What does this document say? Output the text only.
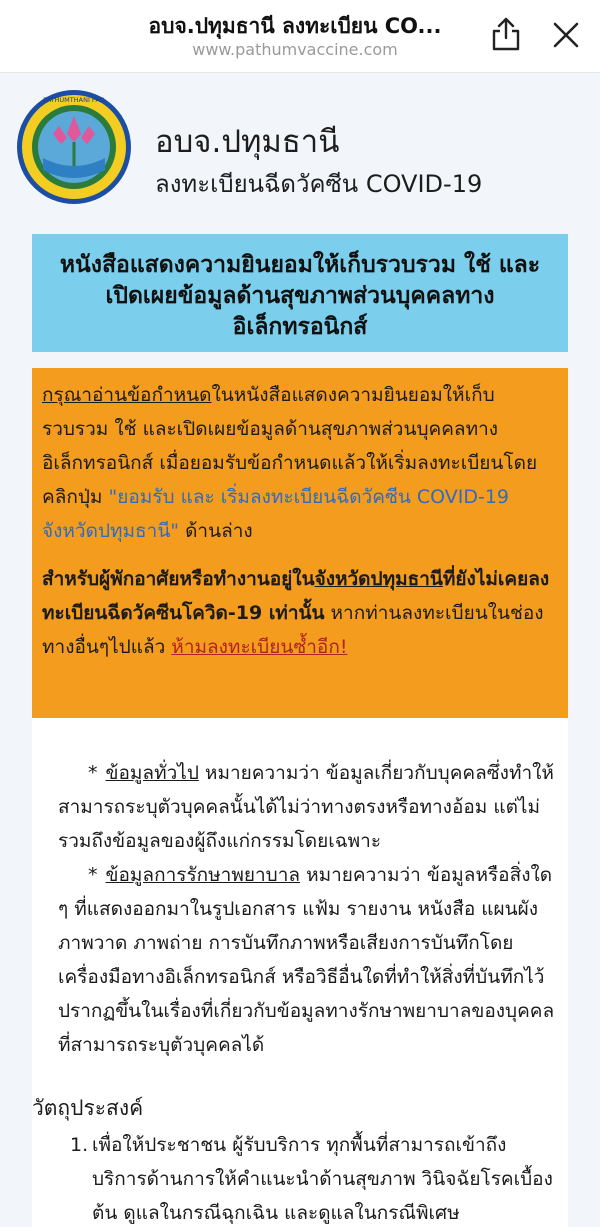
อบจ.ปทุมธานี ลงทะเบียน CO...
www.pathumvaccine.com
PATHUMTHANI PAO
อบจ.ปทุมธานี
ลงทะเบียนฉีดวัคซีน COVID-19
หนังสือแสดงความยินยอมให้เก็บรวบรวม ใช้ และเปิดเผยข้อมูลด้านสุขภาพส่วนบุคคลทางอิเล็กทรอนิกส์

กรุณาอ่านข้อกำหนดในหนังสือแสดงความยินยอมให้เก็บรวบรวม ใช้ และเปิดเผยข้อมูลด้านสุขภาพส่วนบุคคลทางอิเล็กทรอนิกส์ เมื่อยอมรับข้อกำหนดแล้วให้เริ่มลงทะเบียนโดย คลิกปุ่ม "ยอมรับ และ เริ่มลงทะเบียนฉีดวัคซีน COVID-19 จังหวัดปทุมธานี" ด้านล่าง

สำหรับผู้พักอาศัยหรือทำงานอยู่ในจังหวัดปทุมธานีที่ยังไม่เคยลงทะเบียนฉีดวัคซีนโควิด-19 เท่านั้น หากท่านลงทะเบียนในช่องทางอื่นๆไปแล้ว ห้ามลงทะเบียนซ้ำอีก!

* ข้อมูลทั่วไป หมายความว่า ข้อมูลเกี่ยวกับบุคคลซึ่งทำให้สามารถระบุตัวบุคคลนั้นได้ไม่ว่าทางตรงหรือทางอ้อม แต่ไม่รวมถึงข้อมูลของผู้ถึงแก่กรรมโดยเฉพาะ

* ข้อมูลการรักษาพยาบาล หมายความว่า ข้อมูลหรือสิ่งใด ๆ ที่แสดงออกมาในรูปเอกสาร แฟ้ม รายงาน หนังสือ แผนผัง ภาพวาด ภาพถ่าย การบันทึกภาพหรือเสียงการบันทึกโดยเครื่องมือทางอิเล็กทรอนิกส์ หรือวิธีอื่นใดที่ทำให้สิ่งที่บันทึกไว้ปรากฏขึ้นในเรื่องที่เกี่ยวกับข้อมูลทางรักษาพยาบาลของบุคคลที่สามารถระบุตัวบุคคลได้

วัตถุประสงค์
1. เพื่อให้ประชาชน ผู้รับบริการ ทุกพื้นที่สามารถเข้าถึงบริการด้านการให้คำแนะนำด้านสุขภาพ วินิจฉัยโรคเบื้องต้น ดูแลในกรณีฉุกเฉิน และดูแลในกรณีพิเศษ
